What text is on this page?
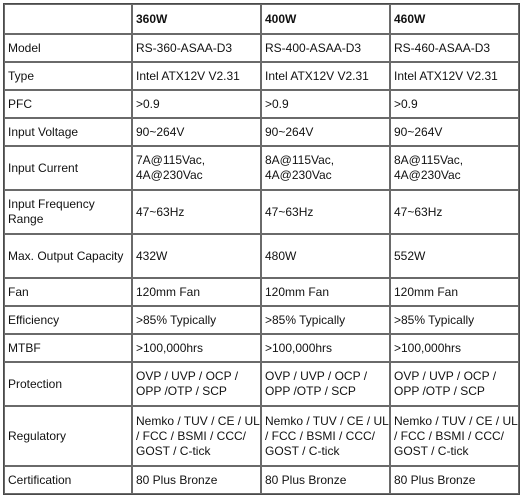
	360W	400W	460W
Model	RS-360-ASAA-D3	RS-400-ASAA-D3	RS-460-ASAA-D3
Type	Intel ATX12V V2.31	Intel ATX12V V2.31	Intel ATX12V V2.31
PFC	>0.9	>0.9	>0.9
Input Voltage	90~264V	90~264V	90~264V
Input Current	7A@115Vac, 4A@230Vac	8A@115Vac, 4A@230Vac	8A@115Vac, 4A@230Vac
Input Frequency Range	47~63Hz	47~63Hz	47~63Hz
Max. Output Capacity	432W	480W	552W
Fan	120mm Fan	120mm Fan	120mm Fan
Efficiency	>85% Typically	>85% Typically	>85% Typically
MTBF	>100,000hrs	>100,000hrs	>100,000hrs
Protection	OVP / UVP / OCP / OPP /OTP / SCP	OVP / UVP / OCP / OPP /OTP / SCP	OVP / UVP / OCP / OPP /OTP / SCP
Regulatory	Nemko / TUV / CE / UL / FCC / BSMI / CCC/ GOST / C-tick	Nemko / TUV / CE / UL / FCC / BSMI / CCC/ GOST / C-tick	Nemko / TUV / CE / UL / FCC / BSMI / CCC/ GOST / C-tick
Certification	80 Plus Bronze	80 Plus Bronze	80 Plus Bronze
